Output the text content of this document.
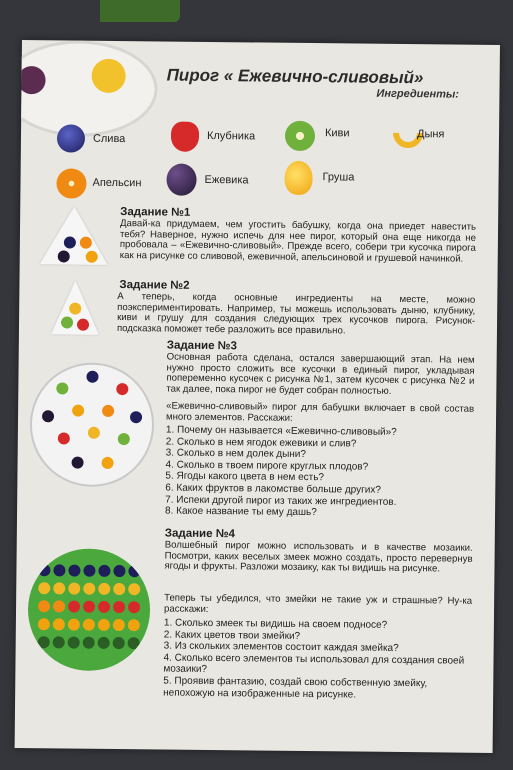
Пирог « Ежевично-сливовый»
Ингредиенты:
Слива	Клубника	Киви	Дыня
Апельсин	Ежевика	Груша
Задание №1
Давай-ка придумаем, чем угостить бабушку, когда она приедет навестить тебя? Наверное, нужно испечь для нее пирог, который она еще никогда не пробовала – «Ежевично-сливовый». Прежде всего, собери три кусочка пирога как на рисунке со сливовой, ежевичной, апельсиновой и грушевой начинкой.
Задание №2
А теперь, когда основные ингредиенты на месте, можно поэкспериментировать. Например, ты можешь использовать дыню, клубнику, киви и грушу для создания следующих трех кусочков пирога. Рисунок-подсказка поможет тебе разложить все правильно.
Задание №3
Основная работа сделана, остался завершающий этап. На нем нужно просто сложить все кусочки в единый пирог, укладывая попеременно кусочек с рисунка №1, затем кусочек с рисунка №2 и так далее, пока пирог не будет собран полностью.
«Ежевично-сливовый» пирог для бабушки включает в свой состав много элементов. Расскажи:
1. Почему он называется «Ежевично-сливовый»?
2. Сколько в нем ягодок ежевики и слив?
3. Сколько в нем долек дыни?
4. Сколько в твоем пироге круглых плодов?
5. Ягоды какого цвета в нем есть?
6. Каких фруктов в лакомстве больше других?
7. Испеки другой пирог из таких же ингредиентов.
8. Какое название ты ему дашь?
Задание №4
Волшебный пирог можно использовать и в качестве мозаики. Посмотри, каких веселых змеек можно создать, просто перевернув ягоды и фрукты. Разложи мозаику, как ты видишь на рисунке.
Теперь ты убедился, что змейки не такие уж и страшные? Ну-ка расскажи:
1. Сколько змеек ты видишь на своем подносе?
2. Каких цветов твои змейки?
3. Из скольких элементов состоит каждая змейка?
4. Сколько всего элементов ты использовал для создания своей мозаики?
5. Проявив фантазию, создай свою собственную змейку, непохожую на изображенные на рисунке.
